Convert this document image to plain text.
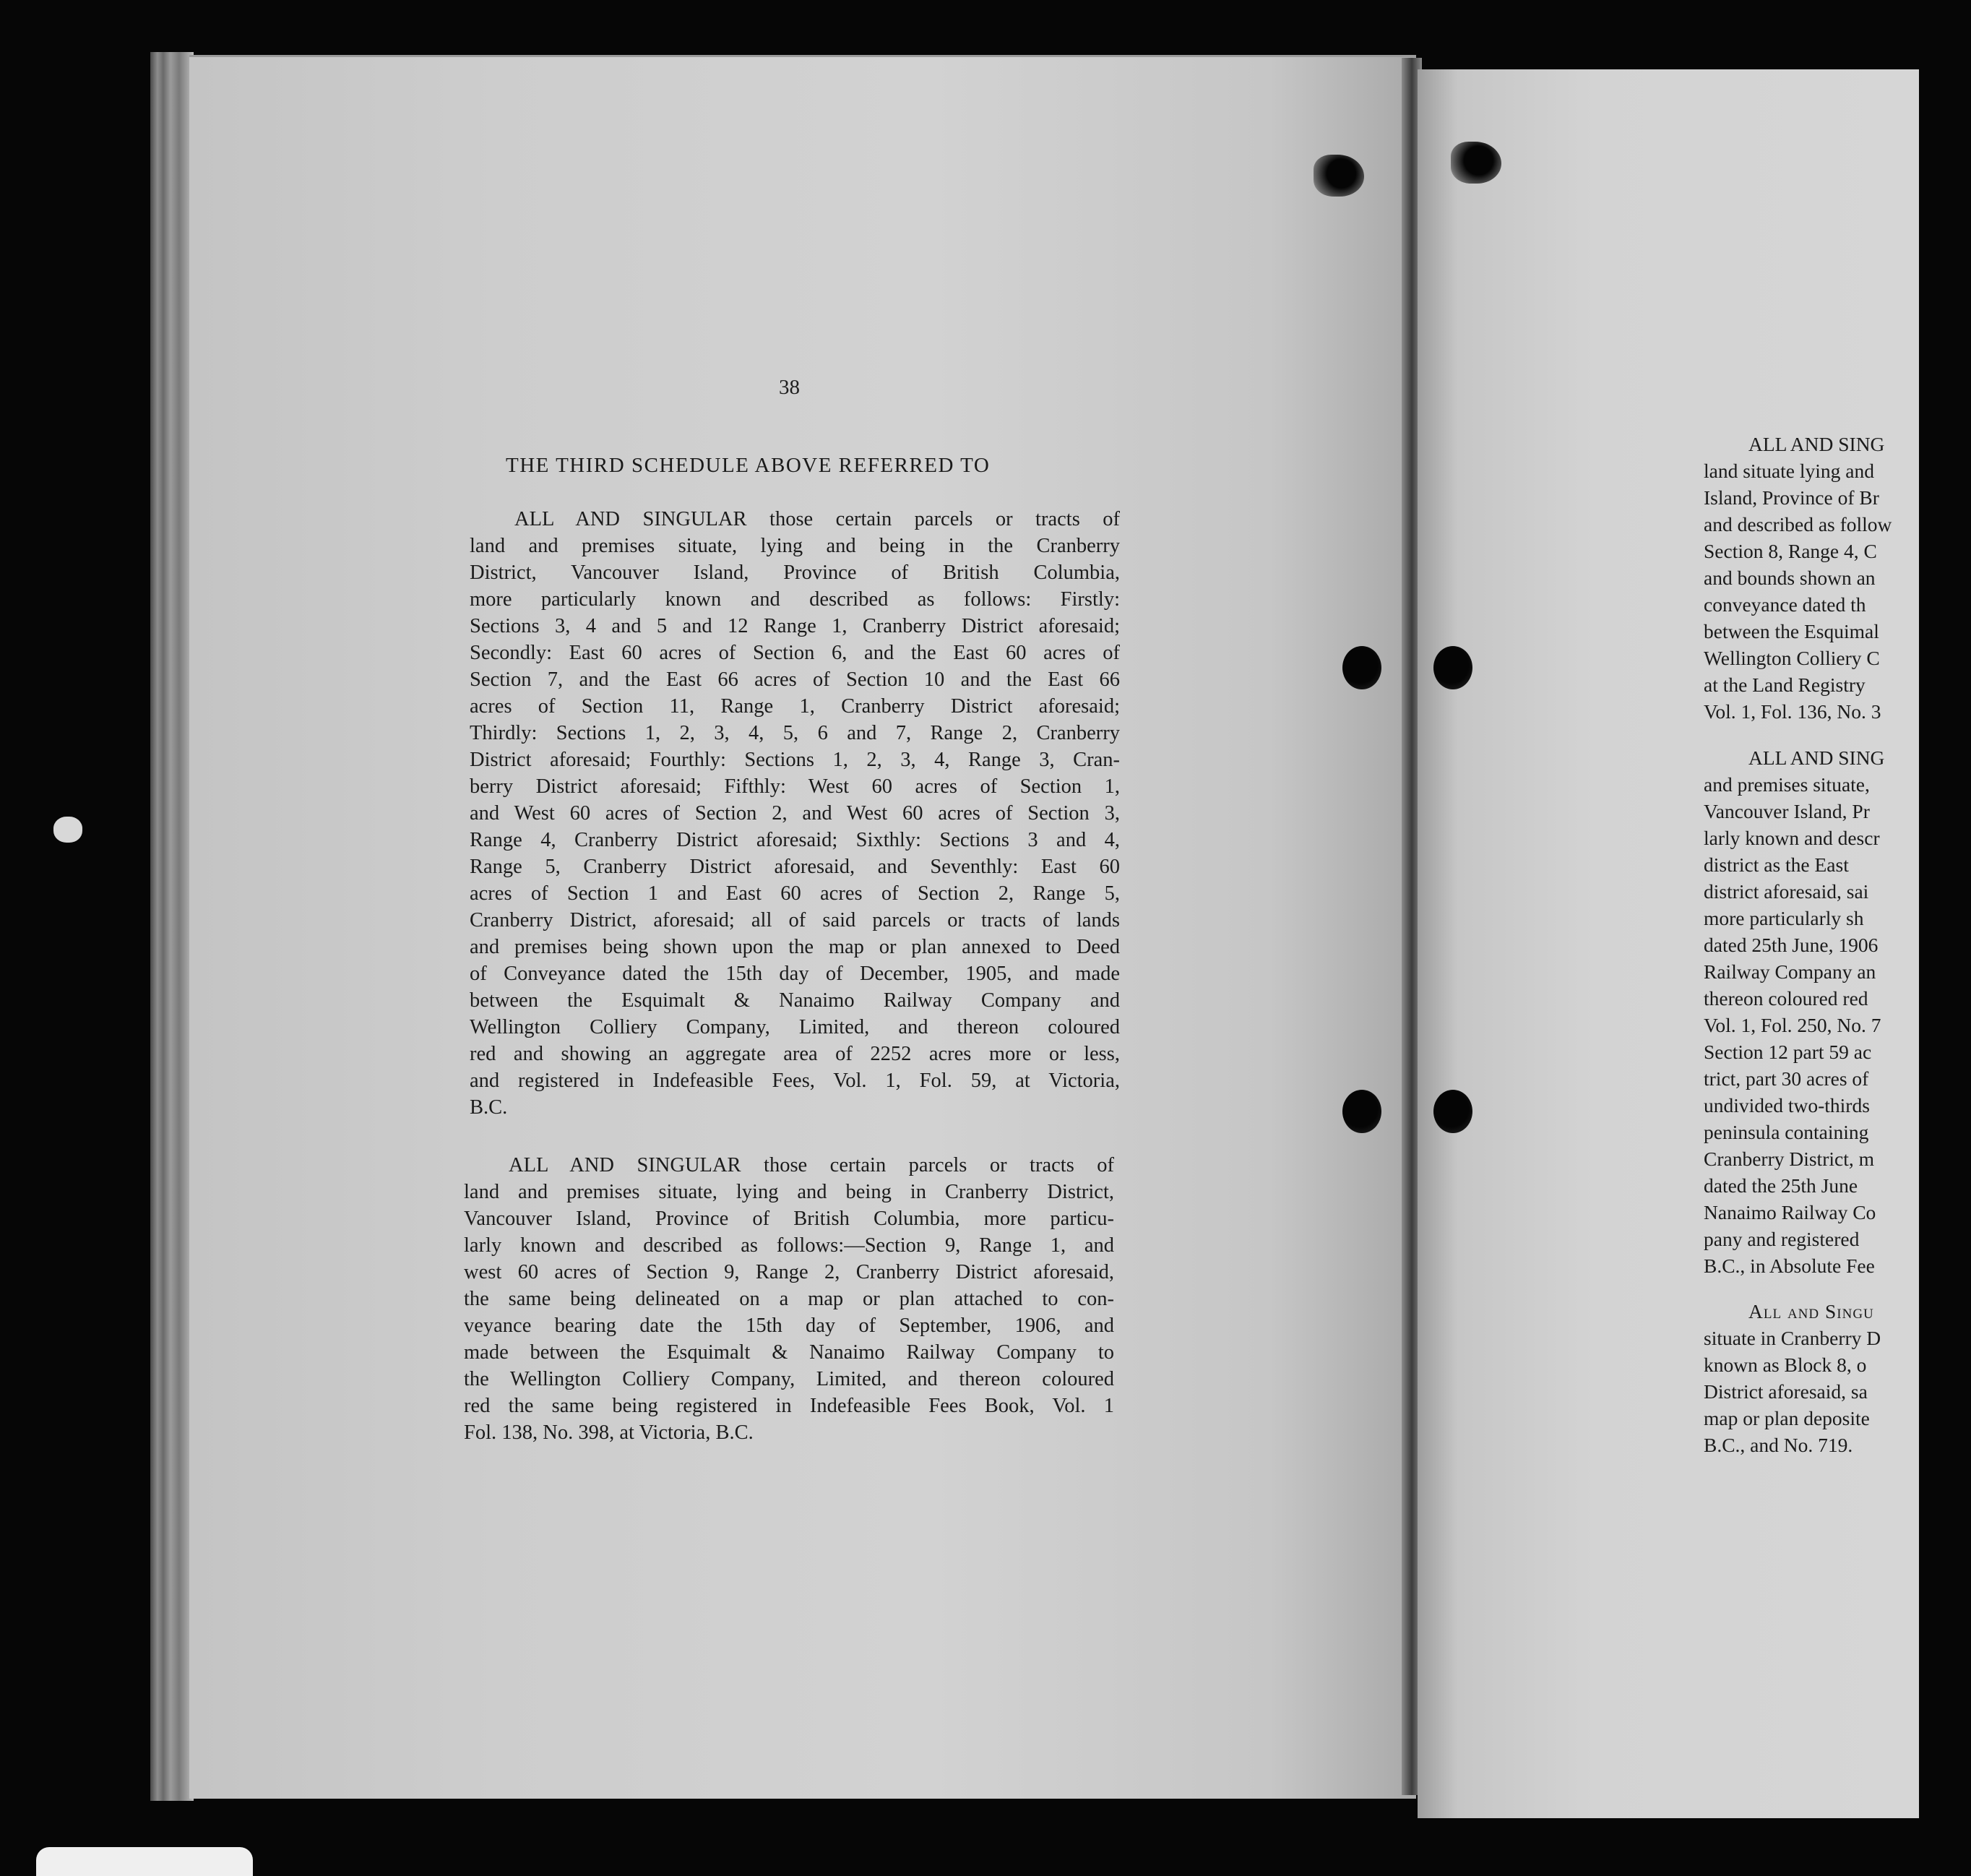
ALL AND SING
land situate lying and
Island, Province of Br
and described as follow
Section 8, Range 4, C
and bounds shown an
conveyance dated th
between the Esquimal
Wellington Colliery C
at the Land Registry
Vol. 1, Fol. 136, No. 3
ALL AND SING
and premises situate,
Vancouver Island, Pr
larly known and descr
district as the East
district aforesaid, sai
more particularly sh
dated 25th June, 1906
Railway Company an
thereon coloured red
Vol. 1, Fol. 250, No. 7
Section 12 part 59 ac
trict, part 30 acres of
undivided two-thirds
peninsula containing
Cranberry District, m
dated the 25th June
Nanaimo Railway Co
pany and registered
B.C., in Absolute Fee
All and Singu
situate in Cranberry D
known as Block 8, o
District aforesaid, sa
map or plan deposite
B.C., and No. 719.
38
THE THIRD SCHEDULE ABOVE REFERRED TO

ALL AND SINGULAR those certain parcels or tracts of
land and premises situate, lying and being in the Cranberry
District, Vancouver Island, Province of British Columbia,
more particularly known and described as follows: Firstly:
Sections 3, 4 and 5 and 12 Range 1, Cranberry District aforesaid;
Secondly: East 60 acres of Section 6, and the East 60 acres of
Section 7, and the East 66 acres of Section 10 and the East 66
acres of Section 11, Range 1, Cranberry District aforesaid;
Thirdly: Sections 1, 2, 3, 4, 5, 6 and 7, Range 2, Cranberry
District aforesaid; Fourthly: Sections 1, 2, 3, 4, Range 3, Cran-
berry District aforesaid; Fifthly: West 60 acres of Section 1,
and West 60 acres of Section 2, and West 60 acres of Section 3,
Range 4, Cranberry District aforesaid; Sixthly: Sections 3 and 4,
Range 5, Cranberry District aforesaid, and Seventhly: East 60
acres of Section 1 and East 60 acres of Section 2, Range 5,
Cranberry District, aforesaid; all of said parcels or tracts of lands
and premises being shown upon the map or plan annexed to Deed
of Conveyance dated the 15th day of December, 1905, and made
between the Esquimalt & Nanaimo Railway Company and
Wellington Colliery Company, Limited, and thereon coloured
red and showing an aggregate area of 2252 acres more or less,
and registered in Indefeasible Fees, Vol. 1, Fol. 59, at Victoria,
B.C.

ALL AND SINGULAR those certain parcels or tracts of
land and premises situate, lying and being in Cranberry District,
Vancouver Island, Province of British Columbia, more particu-
larly known and described as follows:—Section 9, Range 1, and
west 60 acres of Section 9, Range 2, Cranberry District aforesaid,
the same being delineated on a map or plan attached to con-
veyance bearing date the 15th day of September, 1906, and
made between the Esquimalt & Nanaimo Railway Company to
the Wellington Colliery Company, Limited, and thereon coloured
red the same being registered in Indefeasible Fees Book, Vol. 1
Fol. 138, No. 398, at Victoria, B.C.
